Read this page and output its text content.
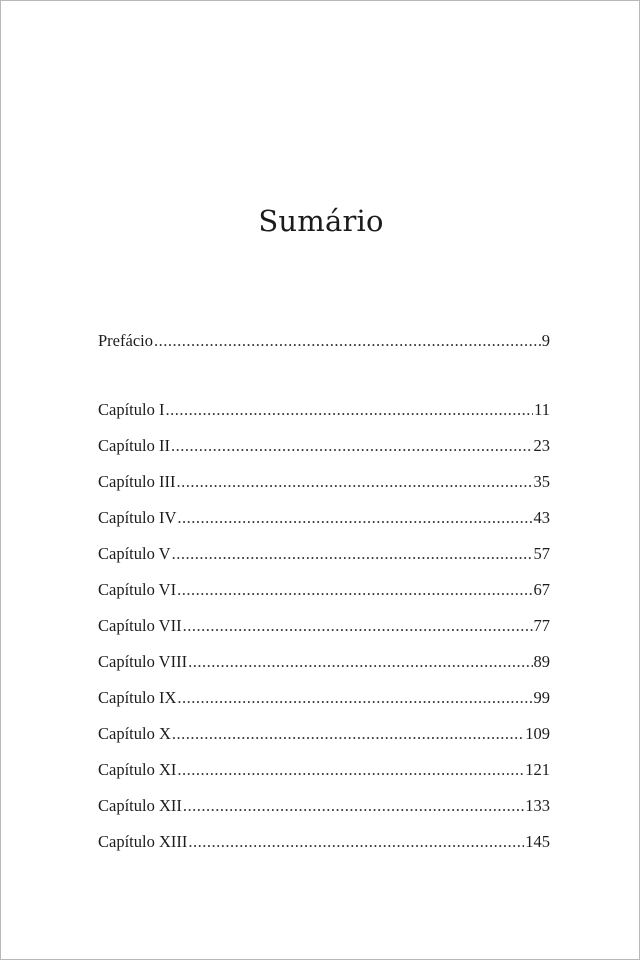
Sumário
Prefácio .....	9
Capítulo I .....	11
Capítulo II .....	23
Capítulo III .....	35
Capítulo IV .....	43
Capítulo V .....	57
Capítulo VI .....	67
Capítulo VII .....	77
Capítulo VIII .....	89
Capítulo IX .....	99
Capítulo X .....	109
Capítulo XI .....	121
Capítulo XII .....	133
Capítulo XIII .....	145
